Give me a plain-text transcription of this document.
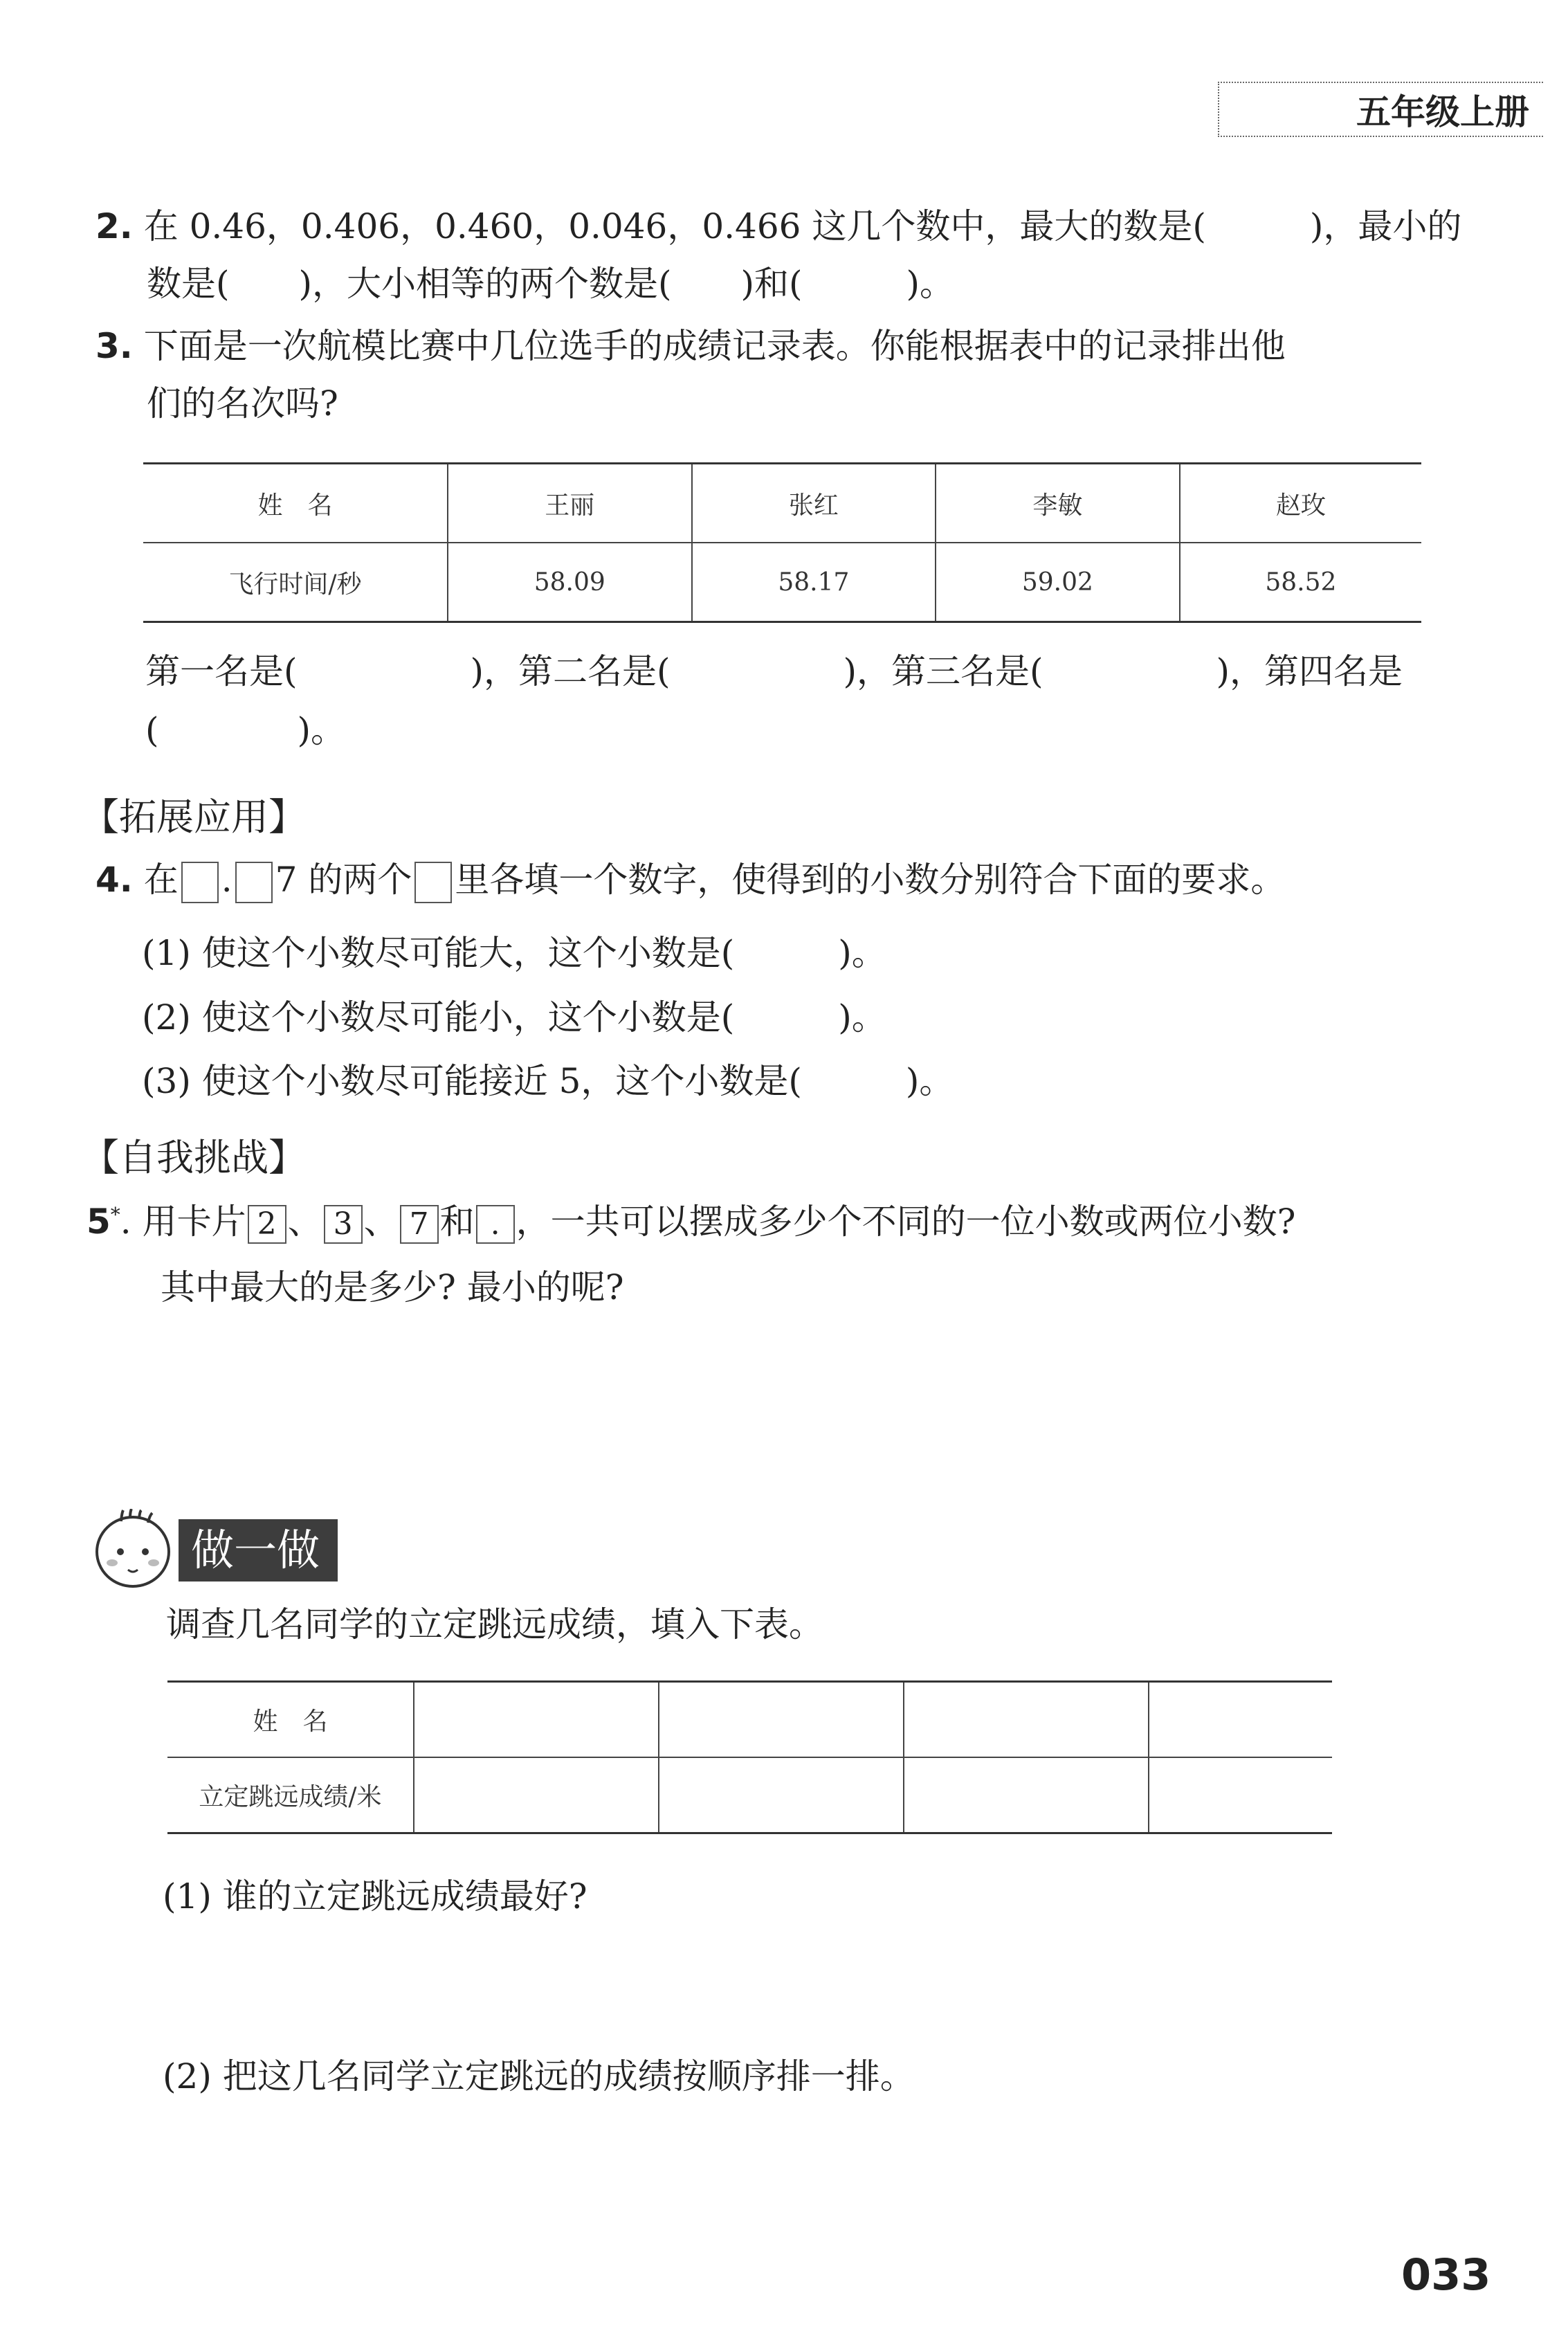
五年级上册
2. 在 0.46，0.406，0.460，0.046，0.466 这几个数中，最大的数是(　　　)，最小的
数是(　　)，大小相等的两个数是(　　)和(　　　)。
3. 下面是一次航模比赛中几位选手的成绩记录表。你能根据表中的记录排出他
们的名次吗?
姓　名	王丽	张红	李敏	赵玫
飞行时间/秒	58.09	58.17	59.02	58.52
第一名是(　　　　　)，第二名是(　　　　　)，第三名是(　　　　　)，第四名是
(　　　　)。
【拓展应用】
4. 在 . 7 的两个 里各填一个数字，使得到的小数分别符合下面的要求。
(1) 使这个小数尽可能大，这个小数是(　　　)。
(2) 使这个小数尽可能小，这个小数是(　　　)。
(3) 使这个小数尽可能接近 5，这个小数是(　　　)。
【自我挑战】
5*. 用卡片 2 、 3 、 7 和 . ，一共可以摆成多少个不同的一位小数或两位小数?
其中最大的是多少? 最小的呢?
做一做
调查几名同学的立定跳远成绩，填入下表。
姓　名				
立定跳远成绩/米				
(1) 谁的立定跳远成绩最好?
(2) 把这几名同学立定跳远的成绩按顺序排一排。
033
